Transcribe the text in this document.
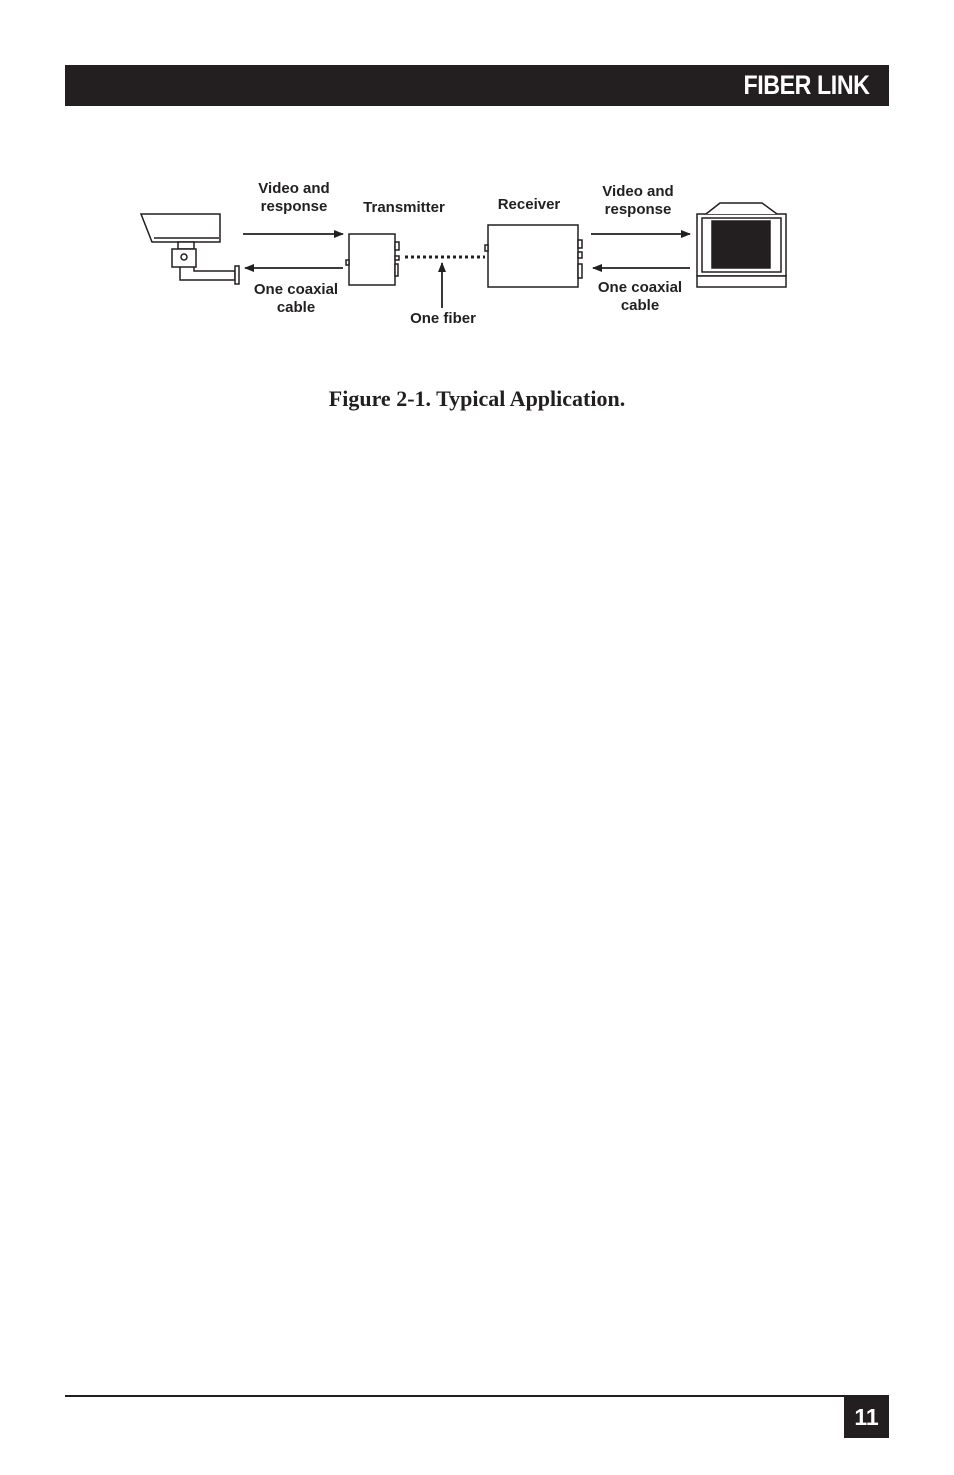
FIBER LINK
Video and
response Transmitter	Receiver
Video and
response
One coaxial
cable
One fiber
One coaxial
cable
Figure 2-1. Typical Application.
11
